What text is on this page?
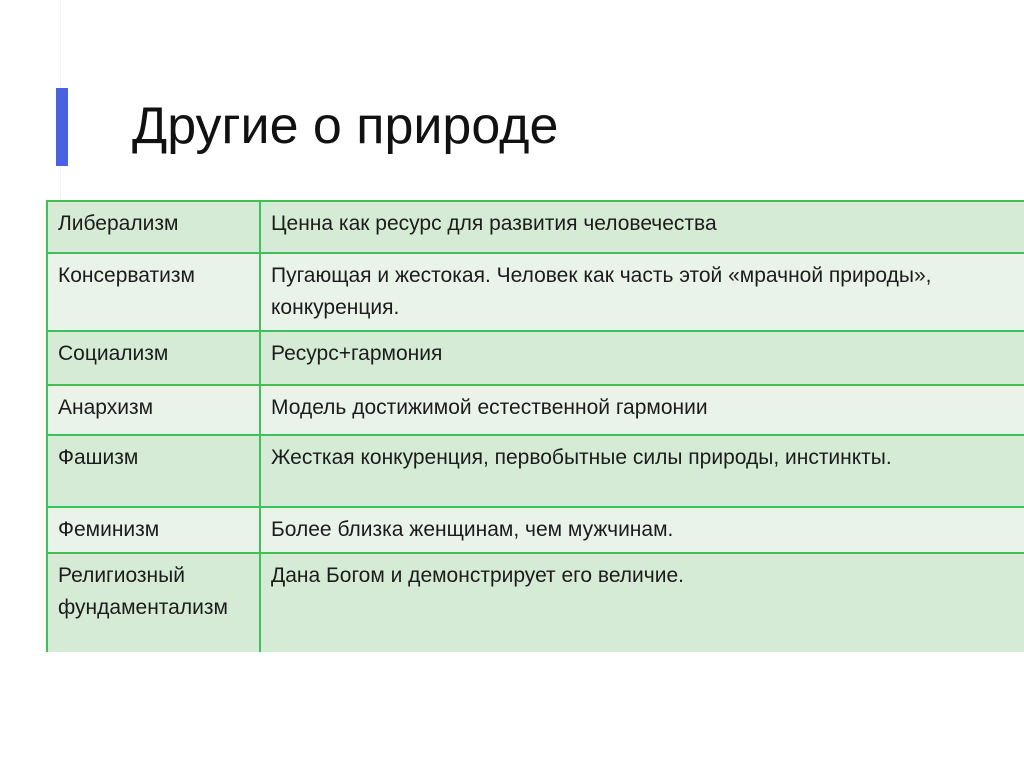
Другие о природе
Либерализм	Ценна как ресурс для развития человечества
Консерватизм	Пугающая и жестокая. Человек как часть этой «мрачной природы», конкуренция.
Социализм	Ресурс+гармония
Анархизм	Модель достижимой естественной гармонии
Фашизм	Жесткая конкуренция, первобытные силы природы, инстинкты.
Феминизм	Более близка женщинам, чем мужчинам.
Религиозный фундаментализм	Дана Богом и демонстрирует его величие.
